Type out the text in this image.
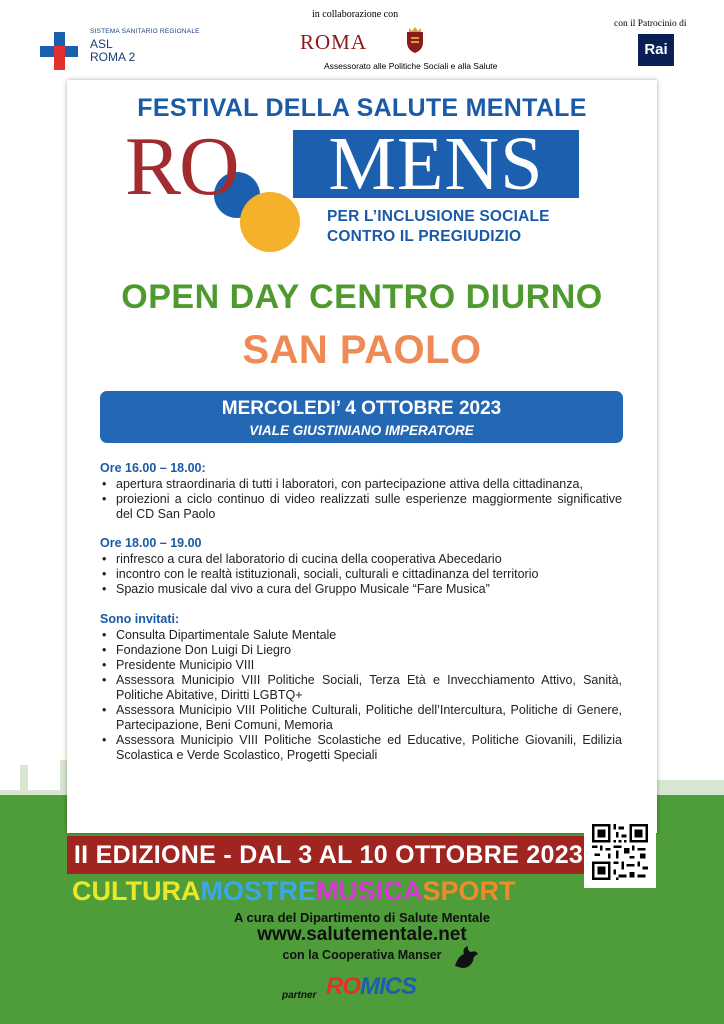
SISTEMA SANITARIO REGIONALE
ASL
ROMA 2
in collaborazione con
ROMA
Assessorato alle Politiche Sociali e alla Salute
con il Patrocinio di
Rai
FESTIVAL DELLA SALUTE MENTALE
RO	MENS
PER L’INCLUSIONE SOCIALE
CONTRO IL PREGIUDIZIO
OPEN DAY CENTRO DIURNO
SAN PAOLO
MERCOLEDI’ 4 OTTOBRE 2023
VIALE GIUSTINIANO IMPERATORE
Ore 16.00 – 18.00:
• apertura straordinaria di tutti i laboratori, con partecipazione attiva della cittadinanza,
• proiezioni a ciclo continuo di video realizzati sulle esperienze maggiormente significative del CD San Paolo
Ore 18.00 – 19.00
• rinfresco a cura del laboratorio di cucina della cooperativa Abecedario
• incontro con le realtà istituzionali, sociali, culturali e cittadinanza del territorio
• Spazio musicale dal vivo a cura del Gruppo Musicale “Fare Musica”
Sono invitati:
• Consulta Dipartimentale Salute Mentale
• Fondazione Don Luigi Di Liegro
• Presidente Municipio VIII
• Assessora Municipio VIII Politiche Sociali, Terza Età e Invecchiamento Attivo, Sanità, Politiche Abitative, Diritti LGBTQ+
• Assessora Municipio VIII Politiche Culturali, Politiche dell’Intercultura, Politiche di Genere, Partecipazione, Beni Comuni, Memoria
• Assessora Municipio VIII Politiche Scolastiche ed Educative, Politiche Giovanili, Edilizia Scolastica e Verde Scolastico, Progetti Speciali
II EDIZIONE - DAL 3 AL 10 OTTOBRE 2023
CULTURAMOSTREMUSICASPORT
A cura del Dipartimento di Salute Mentale
www.salutementale.net
con la Cooperativa Manser
partner ROMICS
